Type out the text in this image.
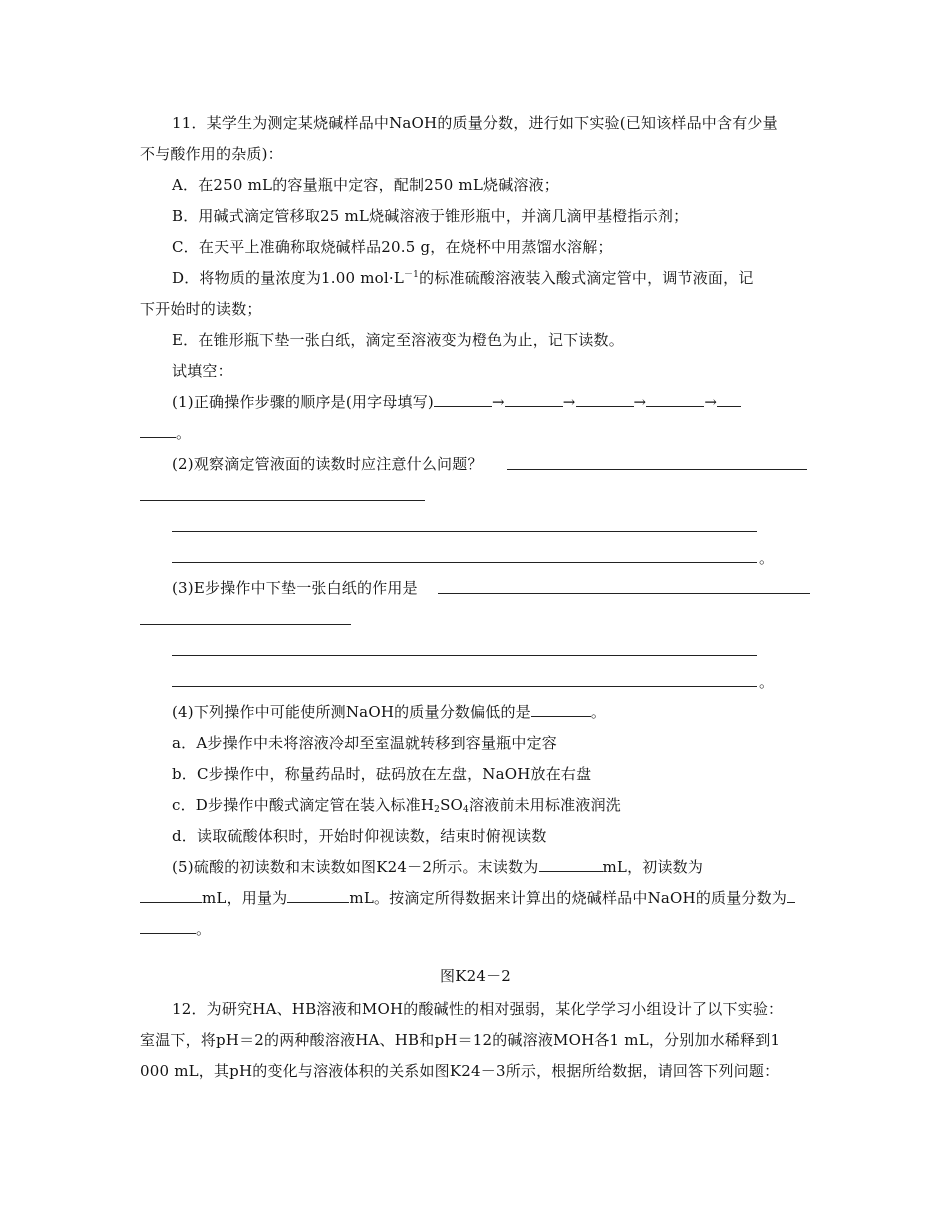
11．某学生为测定某烧碱样品中NaOH的质量分数，进行如下实验(已知该样品中含有少量
不与酸作用的杂质)：
A．在250 mL的容量瓶中定容，配制250 mL烧碱溶液；
B．用碱式滴定管移取25 mL烧碱溶液于锥形瓶中，并滴几滴甲基橙指示剂；
C．在天平上准确称取烧碱样品20.5 g，在烧杯中用蒸馏水溶解；
D．将物质的量浓度为1.00 $mol\cdot L^{-1}$的标准硫酸溶液装入酸式滴定管中，调节液面，记
下开始时的读数；
E．在锥形瓶下垫一张白纸，滴定至溶液变为橙色为止，记下读数。
试填空：
(1)正确操作步骤的顺序是(用字母填写)	→	→	→	→
。
(2)观察滴定管液面的读数时应注意什么问题？
。
(3)E步操作中下垫一张白纸的作用是
。
(4)下列操作中可能使所测NaOH的质量分数偏低的是	。
a．A步操作中未将溶液冷却至室温就转移到容量瓶中定容
b．C步操作中，称量药品时，砝码放在左盘，NaOH放在右盘
c．D步操作中酸式滴定管在装入标准$H_2SO_4$溶液前未用标准液润洗
d．读取硫酸体积时，开始时仰视读数，结束时俯视读数
(5)硫酸的初读数和末读数如图K24－2所示。末读数为	mL，初读数为
mL，用量为	mL。按滴定所得数据来计算出的烧碱样品中NaOH的质量分数为
。
图K24－2
12．为研究HA、HB溶液和MOH的酸碱性的相对强弱，某化学学习小组设计了以下实验：
室温下，将pH＝2的两种酸溶液HA、HB和pH＝12的碱溶液MOH各1 mL，分别加水稀释到1
000 mL，其pH的变化与溶液体积的关系如图K24－3所示，根据所给数据，请回答下列问题：
